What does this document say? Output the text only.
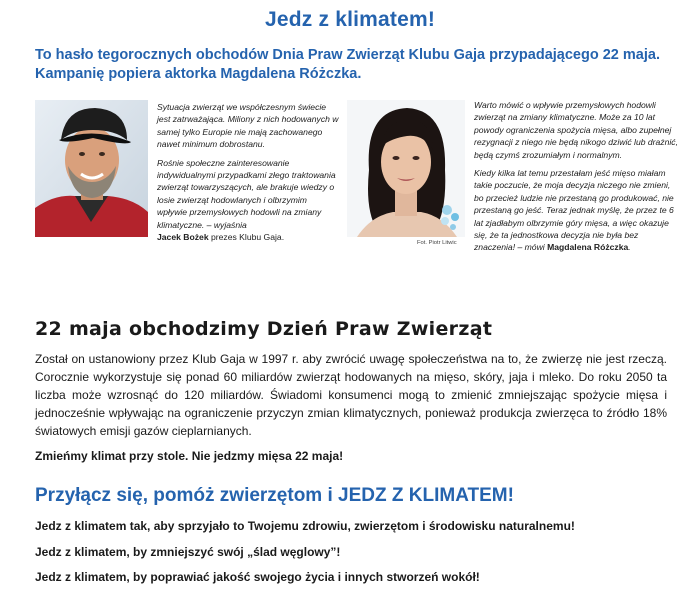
Jedz z klimatem!
To hasło tegorocznych obchodów Dnia Praw Zwierząt Klubu Gaja przypadającego 22 maja.
Kampanię popiera aktorka Magdalena Różczka.

Sytuacja zwierząt we współczesnym świecie jest zatrważająca. Miliony z nich hodowanych w samej tylko Europie nie mają zachowanego nawet minimum dobrostanu.

Rośnie społeczne zainteresowanie indywidualnymi przypadkami złego traktowania zwierząt towarzyszących, ale brakuje wiedzy o losie zwierząt hodowlanych i olbrzymim wpływie przemysłowych hodowli na zmiany klimatyczne. – wyjaśnia

Jacek Bożek prezes Klubu Gaja.
Fot. Piotr Litwic

Warto mówić o wpływie przemysłowych hodowli zwierząt na zmiany klimatyczne. Może za 10 lat powody ograniczenia spożycia mięsa, albo zupełnej rezygnacji z niego nie będą nikogo dziwić lub drażnić, będą czymś zrozumiałym i normalnym.

Kiedy kilka lat temu przestałam jeść mięso miałam takie poczucie, że moja decyzja niczego nie zmieni, bo przecież ludzie nie przestaną go produkować, nie przestaną go jeść. Teraz jednak myślę, że przez te 6 lat zjadłabym olbrzymie góry mięsa, a więc okazuje się, że ta jednostkowa decyzja nie była bez znaczenia! – mówi Magdalena Różczka.

22 maja obchodzimy Dzień Praw Zwierząt
Został on ustanowiony przez Klub Gaja w 1997 r. aby zwrócić uwagę społeczeństwa na to, że zwierzę nie jest rzeczą. Corocznie wykorzystuje się ponad 60 miliardów zwierząt hodowanych na mięso, skóry, jaja i mleko. Do roku 2050 ta liczba może wzrosnąć do 120 miliardów. Świadomi konsumenci mogą to zmienić zmniejszając spożycie mięsa i jednocześnie wpływając na ograniczenie przyczyn zmian klimatycznych, ponieważ produkcja zwierzęca to źródło 18% światowych emisji gazów cieplarnianych.
Zmieńmy klimat przy stole. Nie jedzmy mięsa 22 maja!
Przyłącz się, pomóż zwierzętom i JEDZ Z KLIMATEM!
Jedz z klimatem tak, aby sprzyjało to Twojemu zdrowiu, zwierzętom i środowisku naturalnemu!
Jedz z klimatem, by zmniejszyć swój „ślad węglowy”!
Jedz z klimatem, by poprawiać jakość swojego życia i innych stworzeń wokół!
